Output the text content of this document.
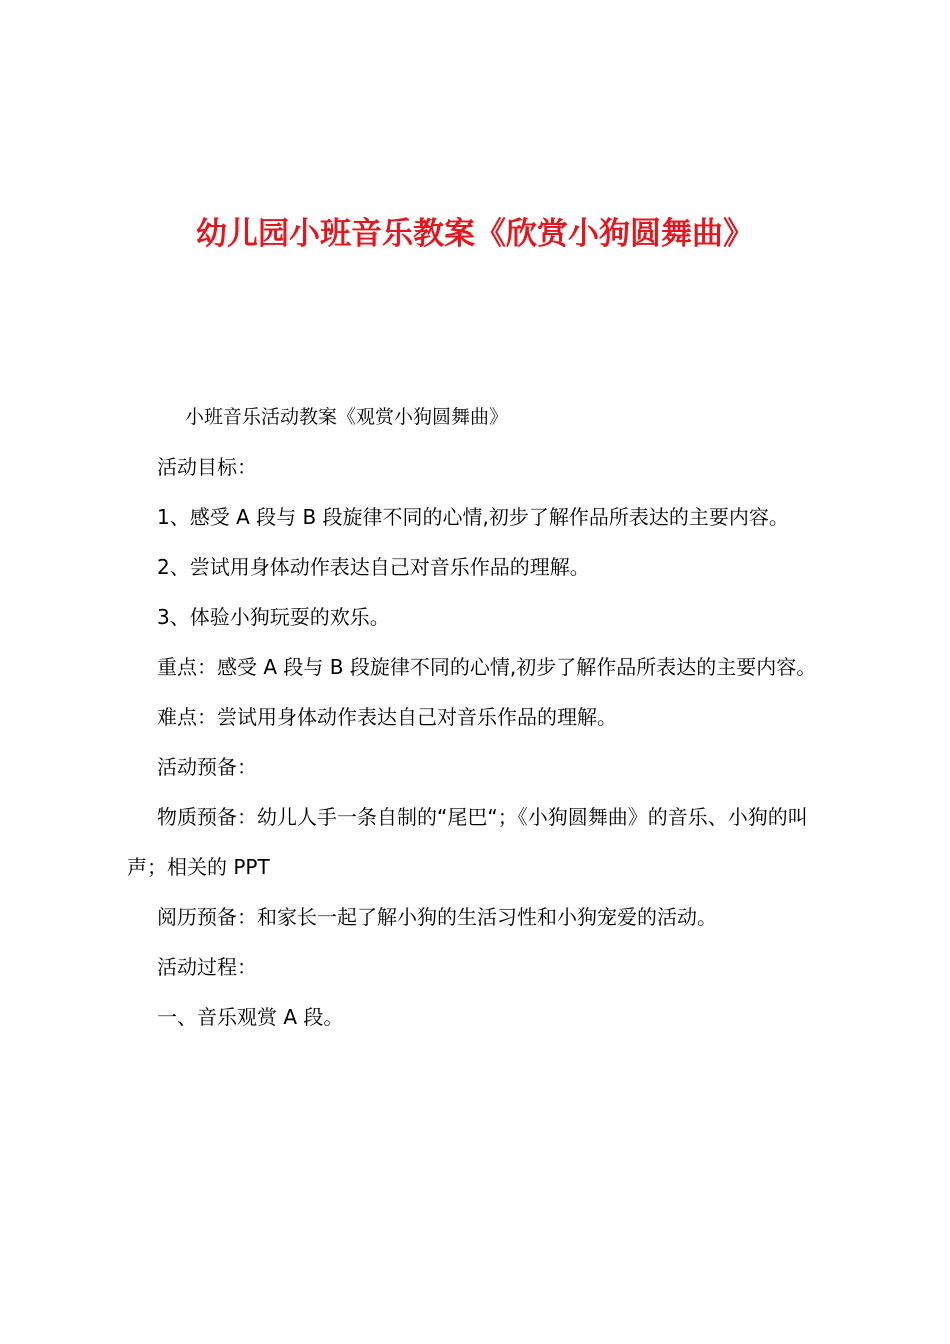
幼儿园小班音乐教案《欣赏小狗圆舞曲》

小班音乐活动教案《观赏小狗圆舞曲》

活动目标：

1、感受 A 段与 B 段旋律不同的心情,初步了解作品所表达的主要内容。

2、尝试用身体动作表达自己对音乐作品的理解。

3、体验小狗玩耍的欢乐。

重点：感受 A 段与 B 段旋律不同的心情,初步了解作品所表达的主要内容。

难点：尝试用身体动作表达自己对音乐作品的理解。

活动预备：

物质预备：幼儿人手一条自制的“尾巴“；《小狗圆舞曲》的音乐、小狗的叫声；相关的 PPT

阅历预备：和家长一起了解小狗的生活习性和小狗宠爱的活动。

活动过程：

一、音乐观赏 A 段。
